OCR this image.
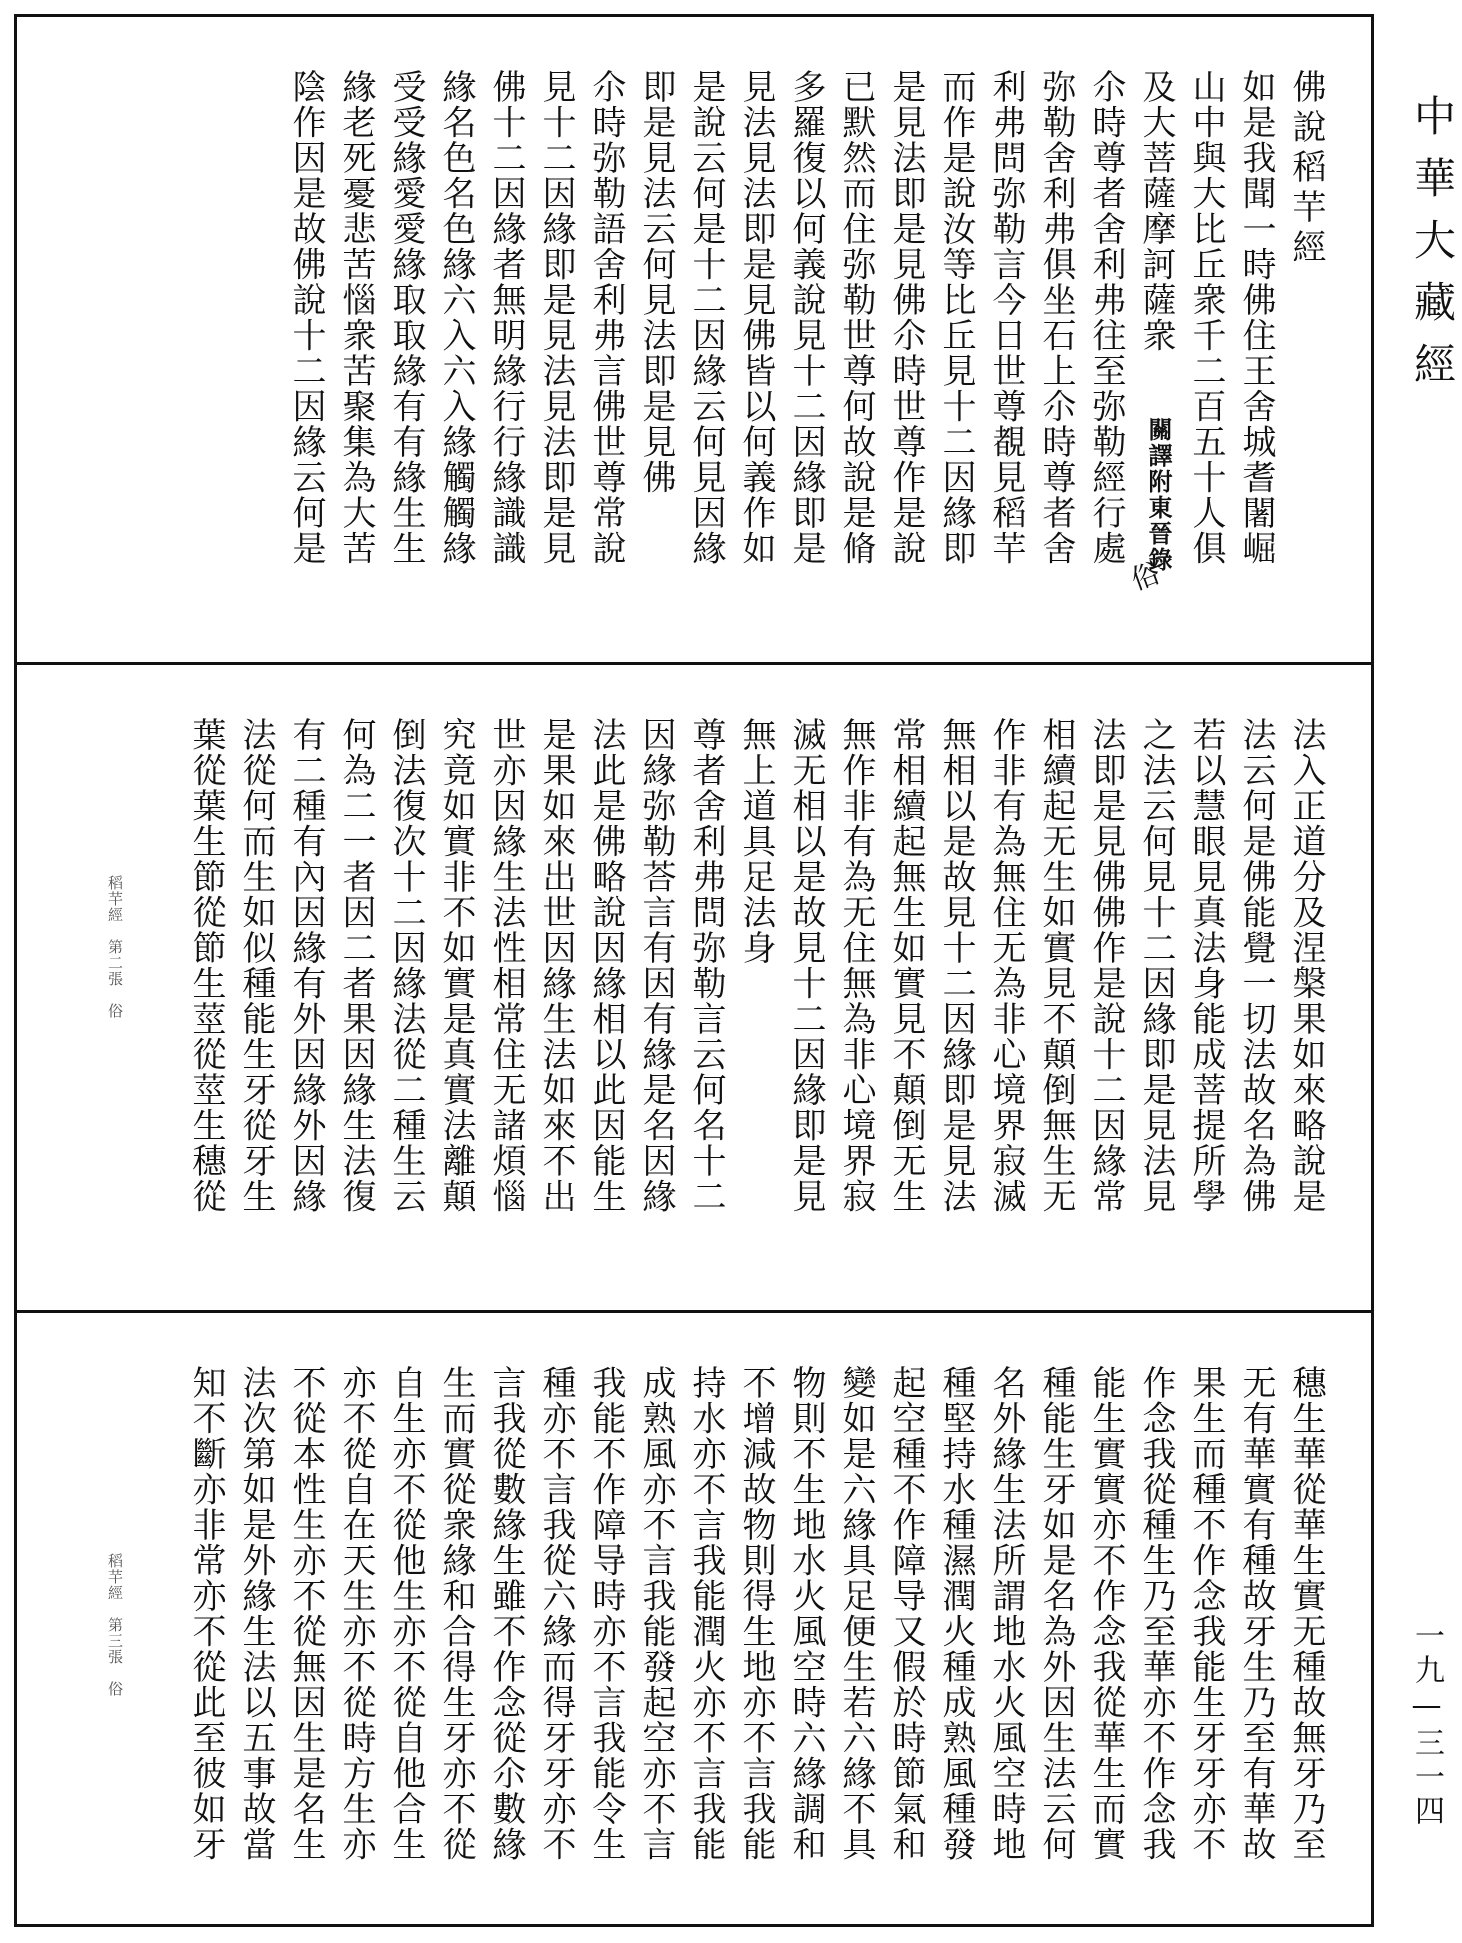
佛說稻芉經
如是我聞一時佛住王舍城耆闍崛
山中與大比丘衆千二百五十人俱
及大菩薩摩訶薩衆
尒時尊者舍利弗往至弥勒經行處
弥勒舍利弗俱坐石上尒時尊者舍
利弗問弥勒言今日世尊覩見稻芉
而作是說汝等比丘見十二因緣即
是見法即是見佛尒時世尊作是說
已默然而住弥勒世尊何故說是脩
多羅復以何義說見十二因緣即是
見法見法即是見佛皆以何義作如
是說云何是十二因緣云何見因緣
即是見法云何見法即是見佛
尒時弥勒語舍利弗言佛世尊常說
見十二因緣即是見法見法即是見
佛十二因緣者無明緣行行緣識識
緣名色名色緣六入六入緣觸觸緣
受受緣愛愛緣取取緣有有緣生生
緣老死憂悲苦惱衆苦聚集為大苦
陰作因是故佛說十二因緣云何是	關譯附東晉錄
俗
法入正道分及涅槃果如來略說是
法云何是佛能覺一切法故名為佛
若以慧眼見真法身能成菩提所學
之法云何見十二因緣即是見法見
法即是見佛佛作是說十二因緣常
相續起无生如實見不顛倒無生无
作非有為無住无為非心境界寂滅
無相以是故見十二因緣即是見法
常相續起無生如實見不顛倒无生
無作非有為无住無為非心境界寂
滅无相以是故見十二因緣即是見
無上道具足法身
尊者舍利弗問弥勒言云何名十二
因緣弥勒荅言有因有緣是名因緣
法此是佛略說因緣相以此因能生
是果如來出世因緣生法如來不出
世亦因緣生法性相常住无諸煩惱
究竟如實非不如實是真實法離顛
倒法復次十二因緣法從二種生云
何為二一者因二者果因緣生法復
有二種有內因緣有外因緣外因緣
法從何而生如似種能生牙從牙生
葉從葉生節從節生莖從莖生穗從
稻芉經　第二張　俗
穗生華從華生實无種故無牙乃至
无有華實有種故牙生乃至有華故
果生而種不作念我能生牙牙亦不
作念我從種生乃至華亦不作念我
能生實實亦不作念我從華生而實
種能生牙如是名為外因生法云何
名外緣生法所謂地水火風空時地
種堅持水種濕潤火種成熟風種發
起空種不作障导又假於時節氣和
變如是六緣具足便生若六緣不具
物則不生地水火風空時六緣調和
不增減故物則得生地亦不言我能
持水亦不言我能潤火亦不言我能
成熟風亦不言我能發起空亦不言
我能不作障导時亦不言我能令生
種亦不言我從六緣而得牙牙亦不
言我從數緣生雖不作念從尒數緣
生而實從衆緣和合得生牙亦不從
自生亦不從他生亦不從自他合生
亦不從自在天生亦不從時方生亦
不從本性生亦不從無因生是名生
法次第如是外緣生法以五事故當
知不斷亦非常亦不從此至彼如牙
稻芉經　第三張　俗
中華大藏經
一九—三一四
